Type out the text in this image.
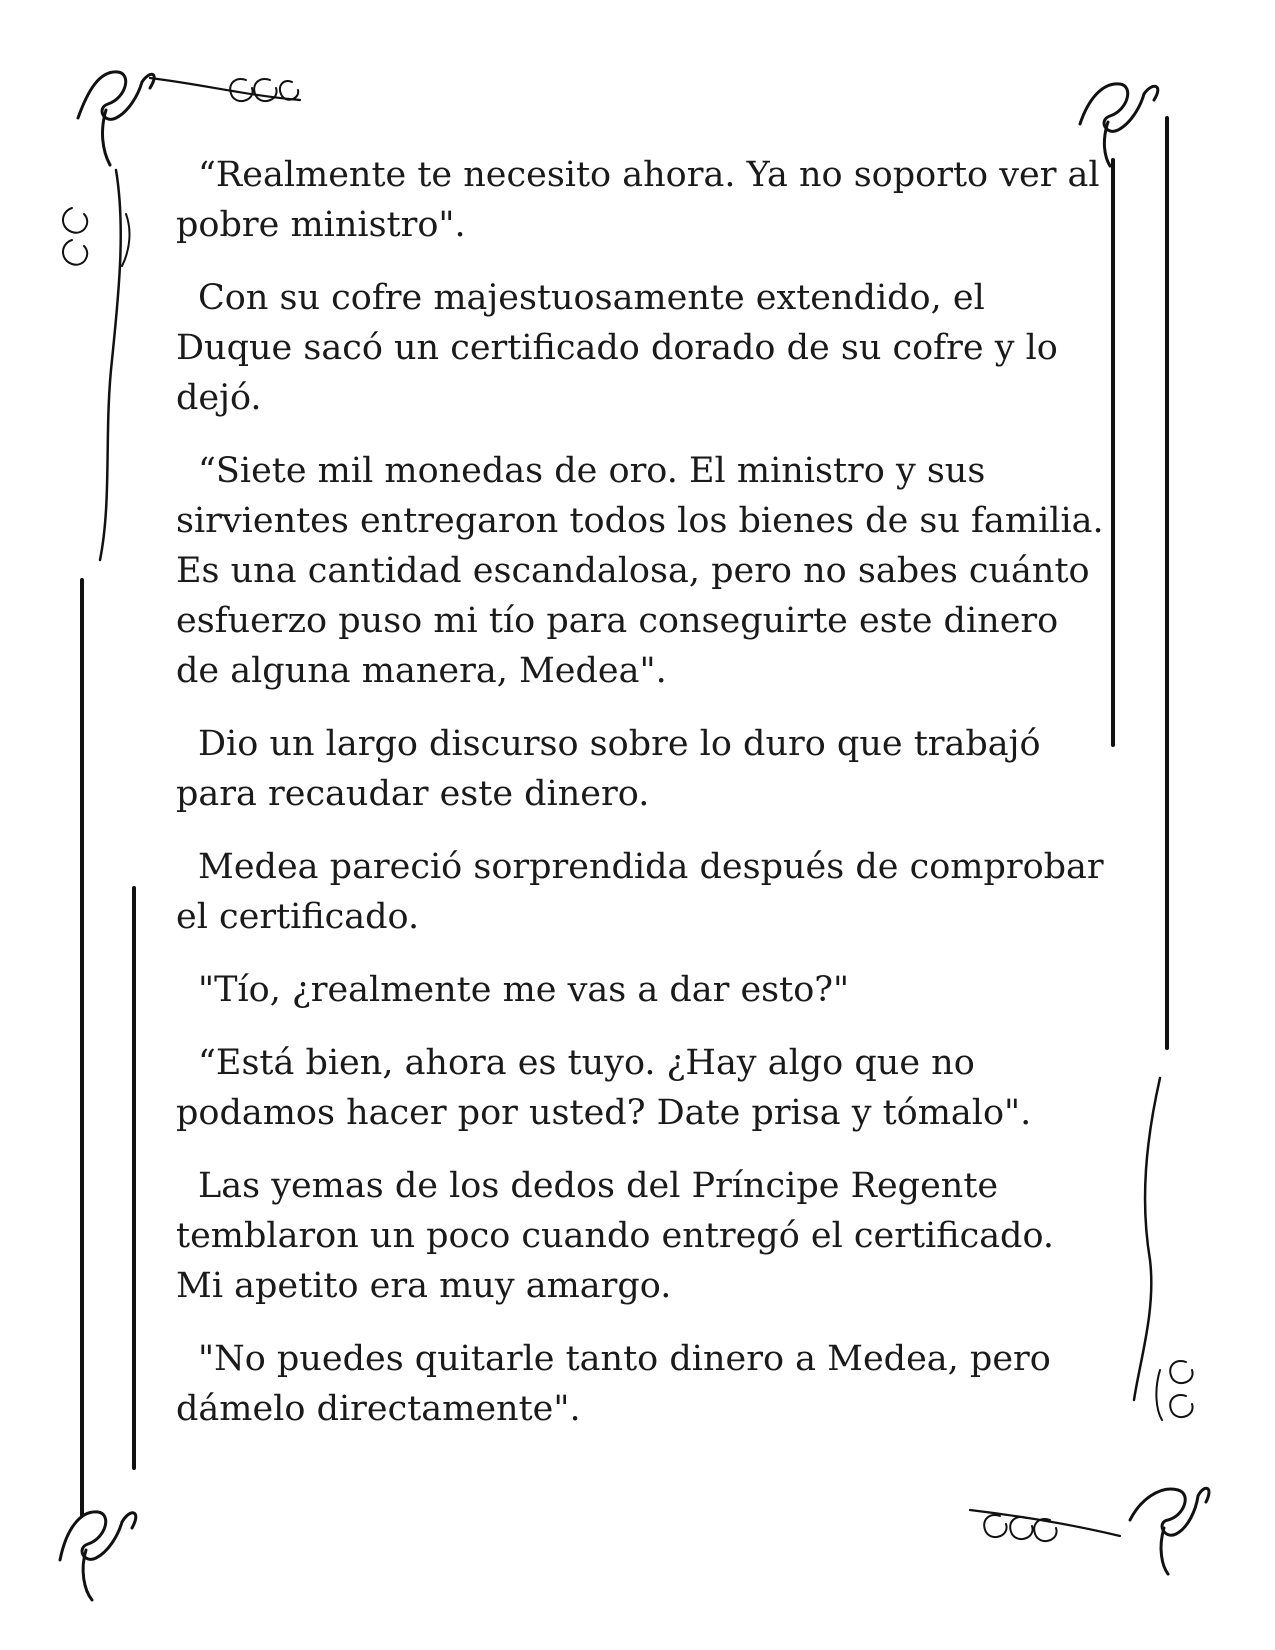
“Realmente te necesito ahora. Ya no soporto ver al pobre ministro".

Con su cofre majestuosamente extendido, el Duque sacó un certificado dorado de su cofre y lo dejó.

“Siete mil monedas de oro. El ministro y sus sirvientes entregaron todos los bienes de su familia. Es una cantidad escandalosa, pero no sabes cuánto esfuerzo puso mi tío para conseguirte este dinero de alguna manera, Medea".

Dio un largo discurso sobre lo duro que trabajó para recaudar este dinero.

Medea pareció sorprendida después de comprobar el certificado.

"Tío, ¿realmente me vas a dar esto?"

“Está bien, ahora es tuyo. ¿Hay algo que no podamos hacer por usted? Date prisa y tómalo".

Las yemas de los dedos del Príncipe Regente temblaron un poco cuando entregó el certificado. Mi apetito era muy amargo.

"No puedes quitarle tanto dinero a Medea, pero dámelo directamente".
